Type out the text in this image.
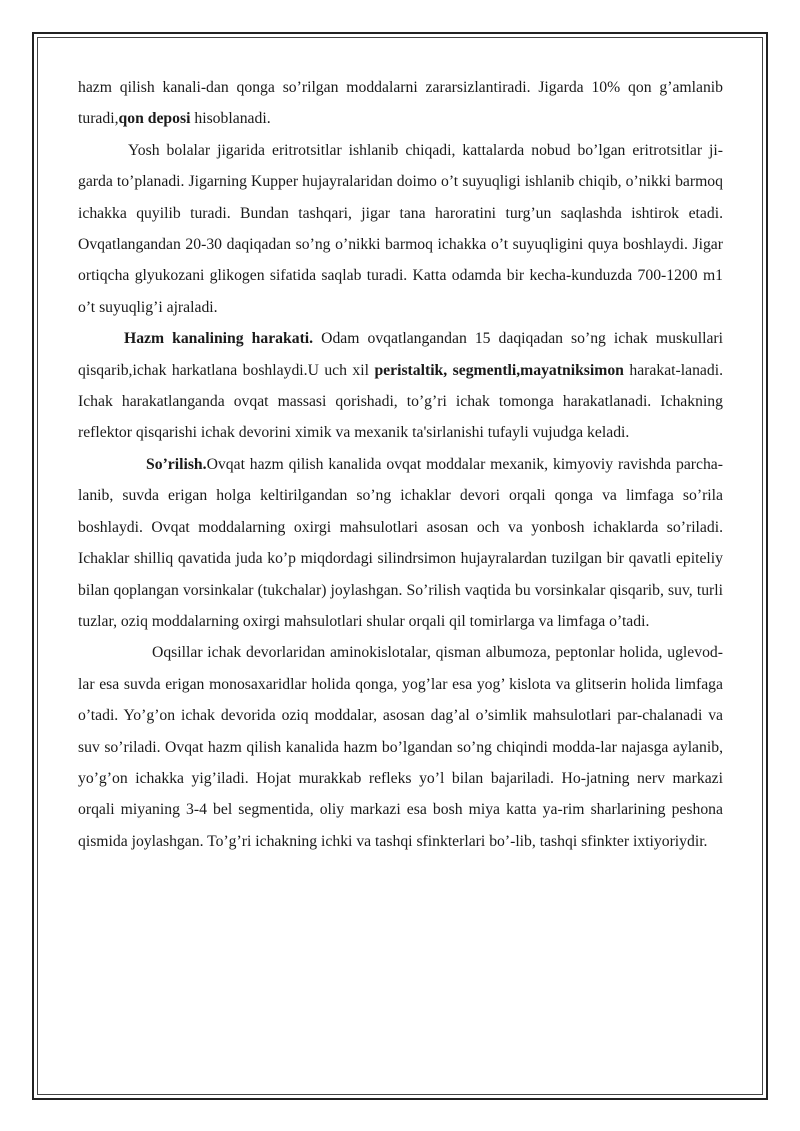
hazm qilish kanali-dan qonga so’rilgan moddalarni zararsizlantiradi. Jigarda 10% qon g’amlanib turadi,qon deposi hisoblanadi.

Yosh bolalar jigarida eritrotsitlar ishlanib chiqadi, kattalarda nobud bo’lgan eritrotsitlar ji-garda to’planadi. Jigarning Kupper hujayralaridan doimo o’t suyuqligi ishlanib chiqib, o’nikki barmoq ichakka quyilib turadi. Bundan tashqari, jigar tana haroratini turg’un saqlashda ishtirok etadi. Ovqatlangandan 20-30 daqiqadan so’ng o’nikki barmoq ichakka o’t suyuqligini quya boshlaydi. Jigar ortiqcha glyukozani glikogen sifatida saqlab turadi. Katta odamda bir kecha-kunduzda 700-1200 m1 o’t suyuqlig’i ajraladi.

Hazm kanalining harakati. Odam ovqatlangandan 15 daqiqadan so’ng ichak muskullari qisqarib,ichak harkatlana boshlaydi.U uch xil peristaltik, segmentli,mayatniksimon harakat-lanadi. Ichak harakatlanganda ovqat massasi qorishadi, to’g’ri ichak tomonga harakatlanadi. Ichakning reflektor qisqarishi ichak devorini ximik va mexanik ta'sirlanishi tufayli vujudga keladi.

So’rilish.Ovqat hazm qilish kanalida ovqat moddalar mexanik, kimyoviy ravishda parcha-lanib, suvda erigan holga keltirilgandan so’ng ichaklar devori orqali qonga va limfaga so’rila boshlaydi. Ovqat moddalarning oxirgi mahsulotlari asosan och va yonbosh ichaklarda so’riladi. Ichaklar shilliq qavatida juda ko’p miqdordagi silindrsimon hujayralardan tuzilgan bir qavatli epiteliy bilan qoplangan vorsinkalar (tukchalar) joylashgan. So’rilish vaqtida bu vorsinkalar qisqarib, suv, turli tuzlar, oziq moddalarning oxirgi mahsulotlari shular orqali qil tomirlarga va limfaga o’tadi.

Oqsillar ichak devorlaridan aminokislotalar, qisman albumoza, peptonlar holida, uglevod-lar esa suvda erigan monosaxaridlar holida qonga, yog’lar esa yog’ kislota va glitserin holida limfaga o’tadi. Yo’g’on ichak devorida oziq moddalar, asosan dag’al o’simlik mahsulotlari par-chalanadi va suv so’riladi. Ovqat hazm qilish kanalida hazm bo’lgandan so’ng chiqindi modda-lar najasga aylanib, yo’g’on ichakka yig’iladi. Hojat murakkab refleks yo’l bilan bajariladi. Ho-jatning nerv markazi orqali miyaning 3-4 bel segmentida, oliy markazi esa bosh miya katta ya-rim sharlarining peshona qismida joylashgan. To’g’ri ichakning ichki va tashqi sfinkterlari bo’-lib, tashqi sfinkter ixtiyoriydir.
